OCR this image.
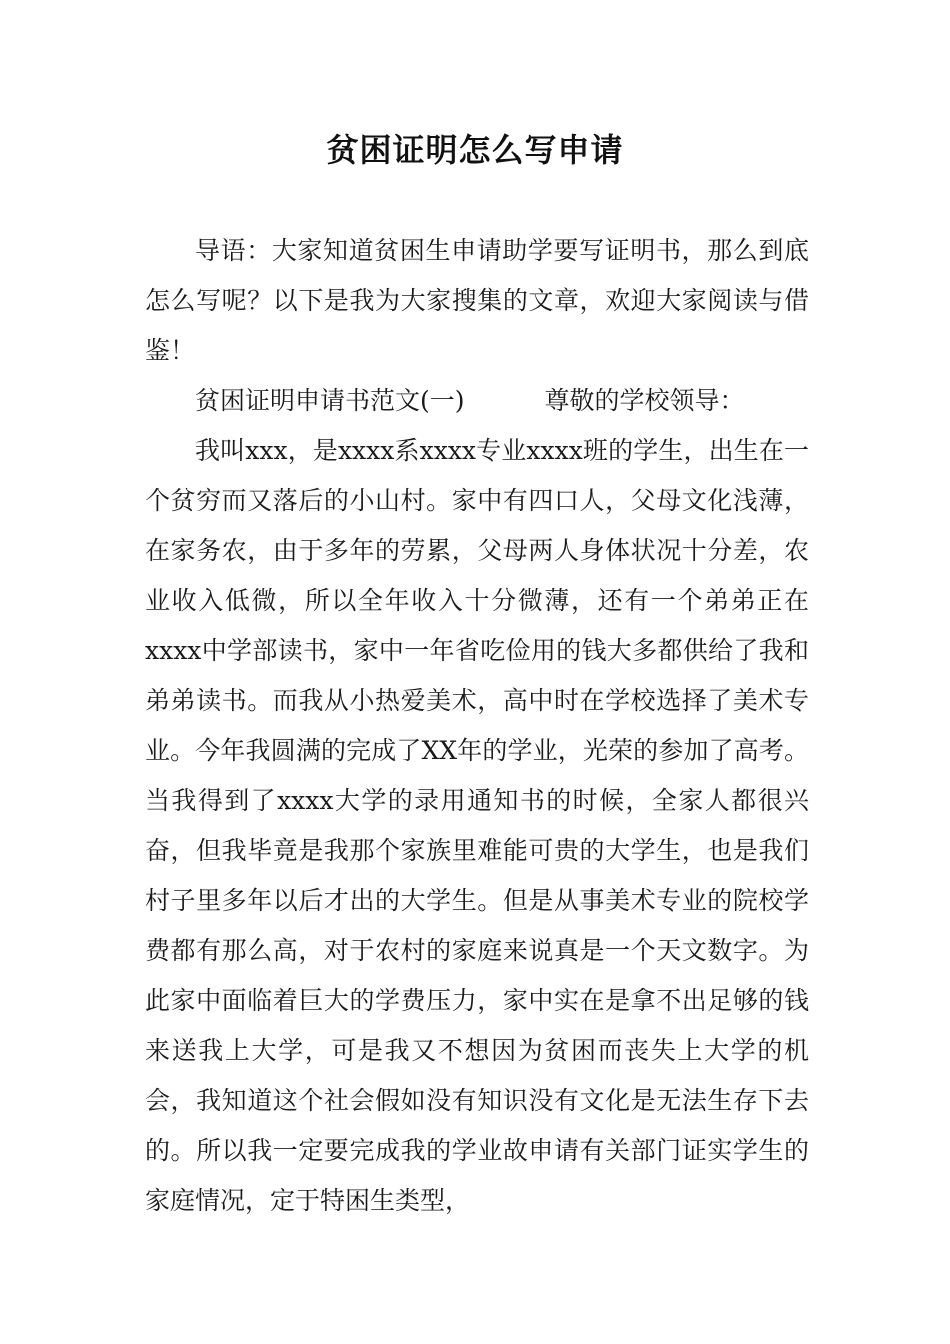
贫困证明怎么写申请

导语：大家知道贫困生申请助学要写证明书，那么到底怎么写呢？以下是我为大家搜集的文章，欢迎大家阅读与借鉴！

贫困证明申请书范文(一)	尊敬的学校领导：

我叫xxx，是xxxx系xxxx专业xxxx班的学生，出生在一个贫穷而又落后的小山村。家中有四口人，父母文化浅薄，在家务农，由于多年的劳累，父母两人身体状况十分差，农业收入低微，所以全年收入十分微薄，还有一个弟弟正在xxxx中学部读书，家中一年省吃俭用的钱大多都供给了我和弟弟读书。而我从小热爱美术，高中时在学校选择了美术专业。今年我圆满的完成了XX年的学业，光荣的参加了高考。当我得到了xxxx大学的录用通知书的时候，全家人都很兴奋，但我毕竟是我那个家族里难能可贵的大学生，也是我们村子里多年以后才出的大学生。但是从事美术专业的院校学费都有那么高，对于农村的家庭来说真是一个天文数字。为此家中面临着巨大的学费压力，家中实在是拿不出足够的钱来送我上大学，可是我又不想因为贫困而丧失上大学的机会，我知道这个社会假如没有知识没有文化是无法生存下去的。所以我一定要完成我的学业故申请有关部门证实学生的家庭情况，定于特困生类型，
